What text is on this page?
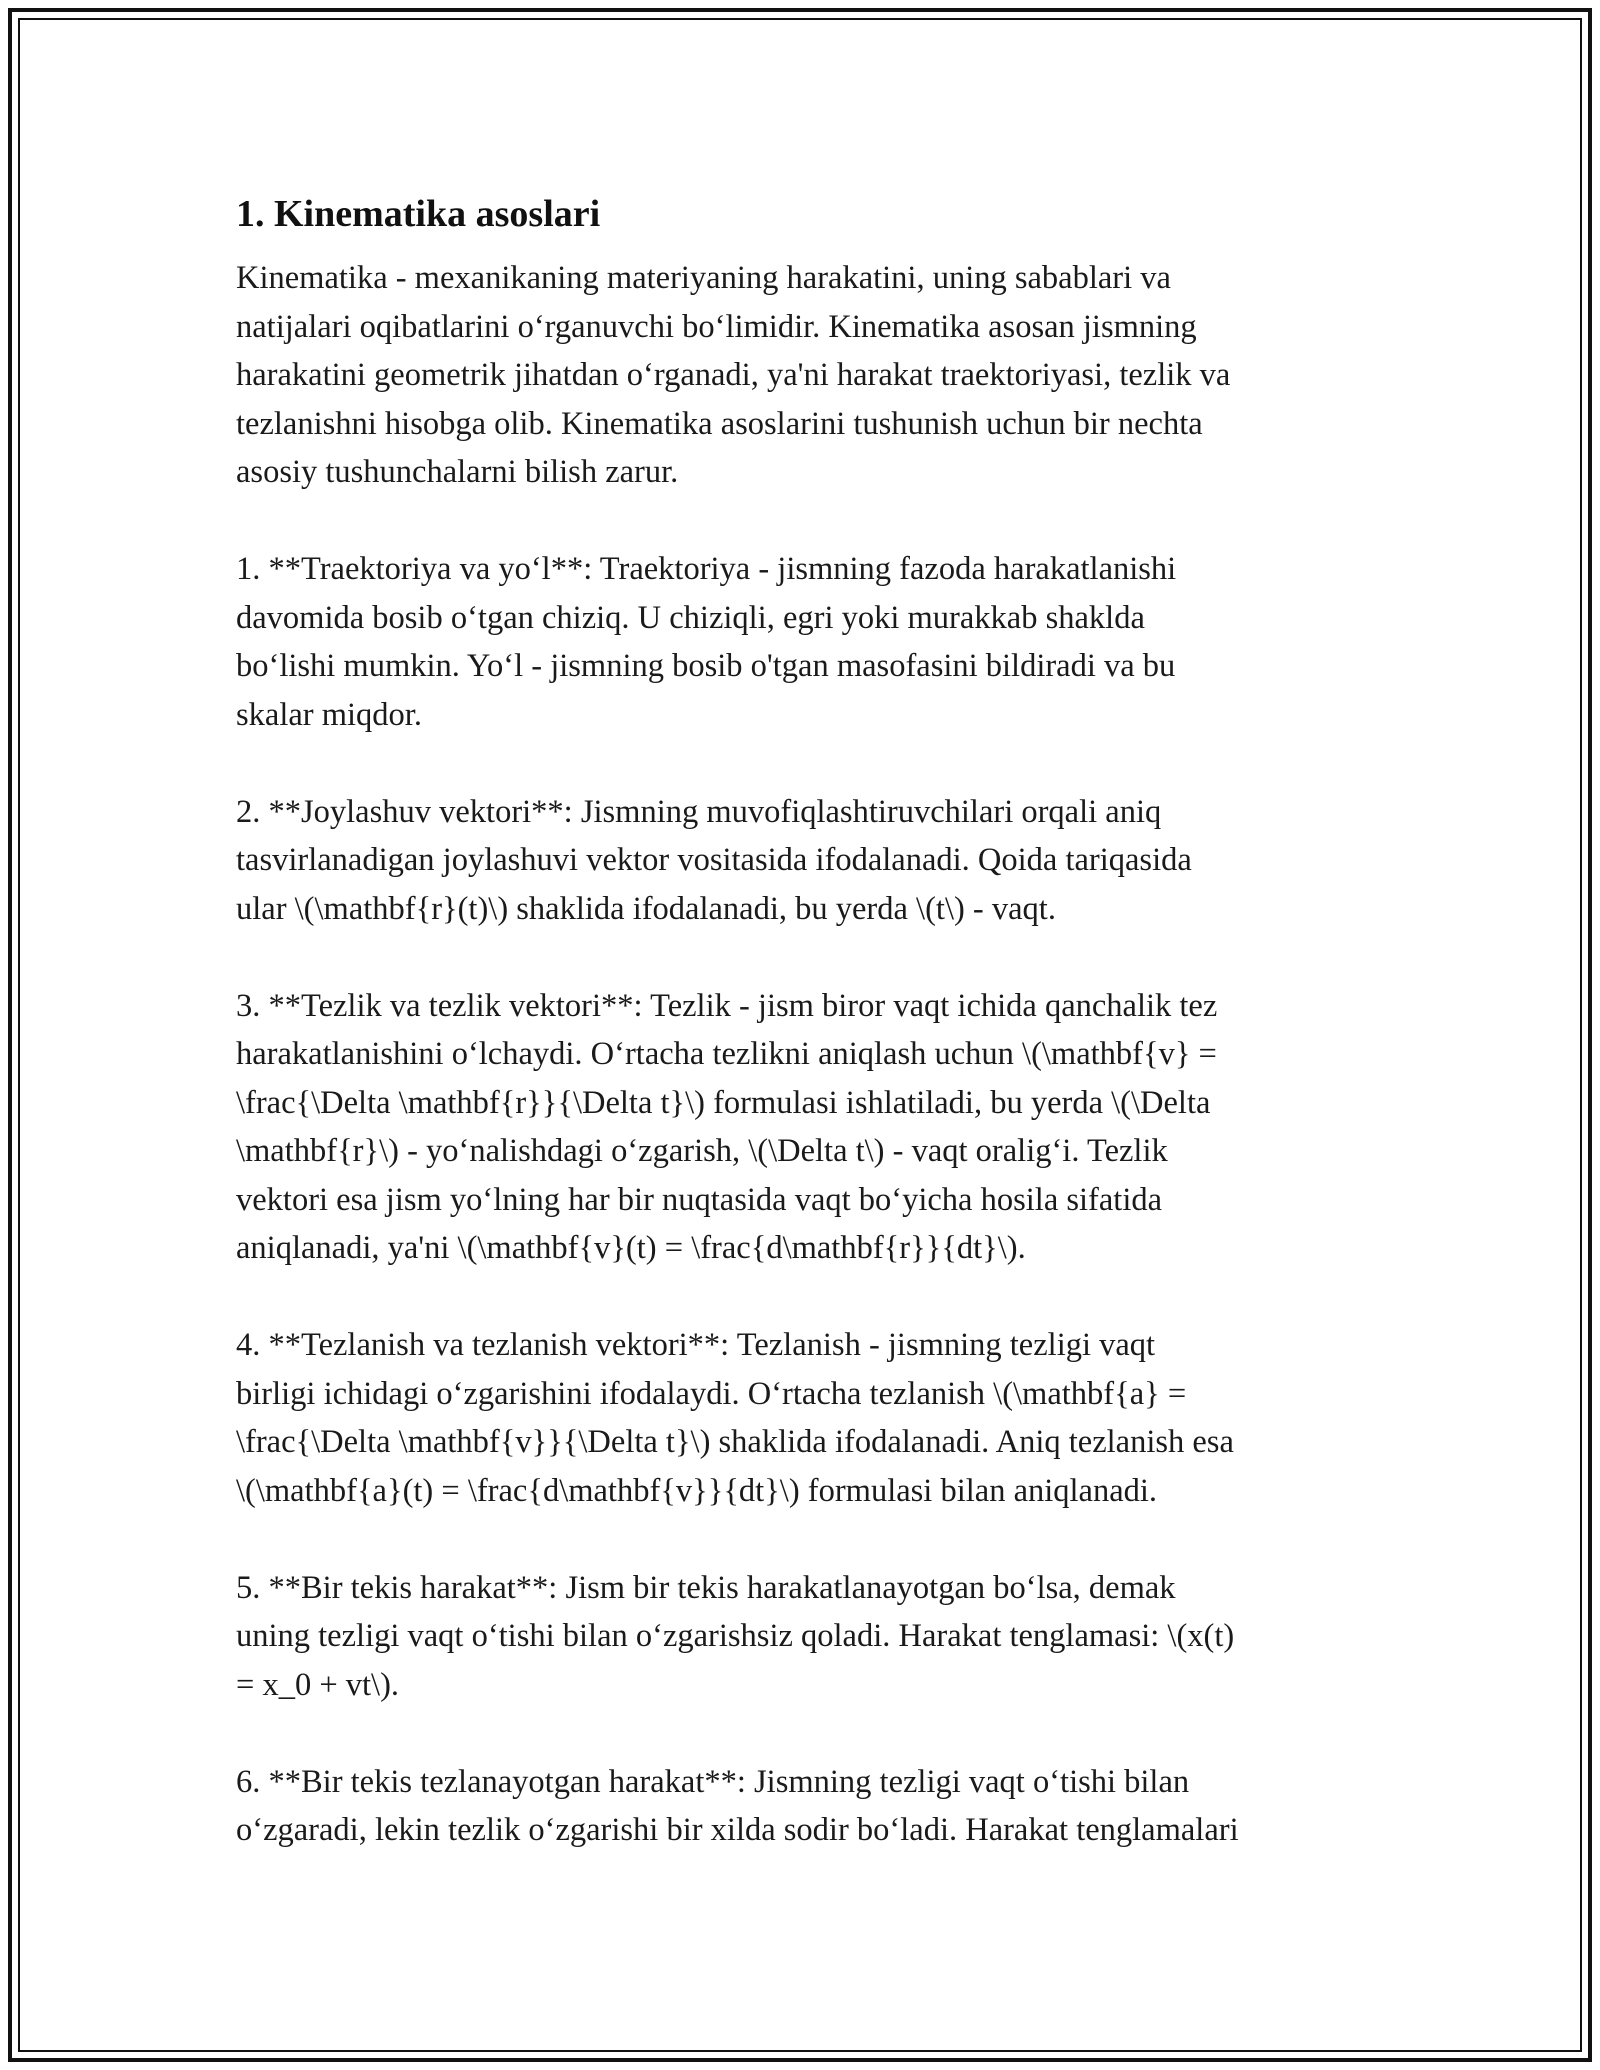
1. Kinematika asoslari

Kinematika - mexanikaning materiyaning harakatini, uning sabablari va
natijalari oqibatlarini o‘rganuvchi bo‘limidir. Kinematika asosan jismning
harakatini geometrik jihatdan o‘rganadi, ya'ni harakat traektoriyasi, tezlik va
tezlanishni hisobga olib. Kinematika asoslarini tushunish uchun bir nechta
asosiy tushunchalarni bilish zarur.

1. **Traektoriya va yo‘l**: Traektoriya - jismning fazoda harakatlanishi
davomida bosib o‘tgan chiziq. U chiziqli, egri yoki murakkab shaklda
bo‘lishi mumkin. Yo‘l - jismning bosib o'tgan masofasini bildiradi va bu
skalar miqdor.

2. **Joylashuv vektori**: Jismning muvofiqlashtiruvchilari orqali aniq
tasvirlanadigan joylashuvi vektor vositasida ifodalanadi. Qoida tariqasida
ular \(\mathbf{r}(t)\) shaklida ifodalanadi, bu yerda \(t\) - vaqt.

3. **Tezlik va tezlik vektori**: Tezlik - jism biror vaqt ichida qanchalik tez
harakatlanishini o‘lchaydi. O‘rtacha tezlikni aniqlash uchun \(\mathbf{v} =
\frac{\Delta \mathbf{r}}{\Delta t}\) formulasi ishlatiladi, bu yerda \(\Delta
\mathbf{r}\) - yo‘nalishdagi o‘zgarish, \(\Delta t\) - vaqt oralig‘i. Tezlik
vektori esa jism yo‘lning har bir nuqtasida vaqt bo‘yicha hosila sifatida
aniqlanadi, ya'ni \(\mathbf{v}(t) = \frac{d\mathbf{r}}{dt}\).

4. **Tezlanish va tezlanish vektori**: Tezlanish - jismning tezligi vaqt
birligi ichidagi o‘zgarishini ifodalaydi. O‘rtacha tezlanish \(\mathbf{a} =
\frac{\Delta \mathbf{v}}{\Delta t}\) shaklida ifodalanadi. Aniq tezlanish esa
\(\mathbf{a}(t) = \frac{d\mathbf{v}}{dt}\) formulasi bilan aniqlanadi.

5. **Bir tekis harakat**: Jism bir tekis harakatlanayotgan bo‘lsa, demak
uning tezligi vaqt o‘tishi bilan o‘zgarishsiz qoladi. Harakat tenglamasi: \(x(t)
= x_0 + vt\).

6. **Bir tekis tezlanayotgan harakat**: Jismning tezligi vaqt o‘tishi bilan
o‘zgaradi, lekin tezlik o‘zgarishi bir xilda sodir bo‘ladi. Harakat tenglamalari
